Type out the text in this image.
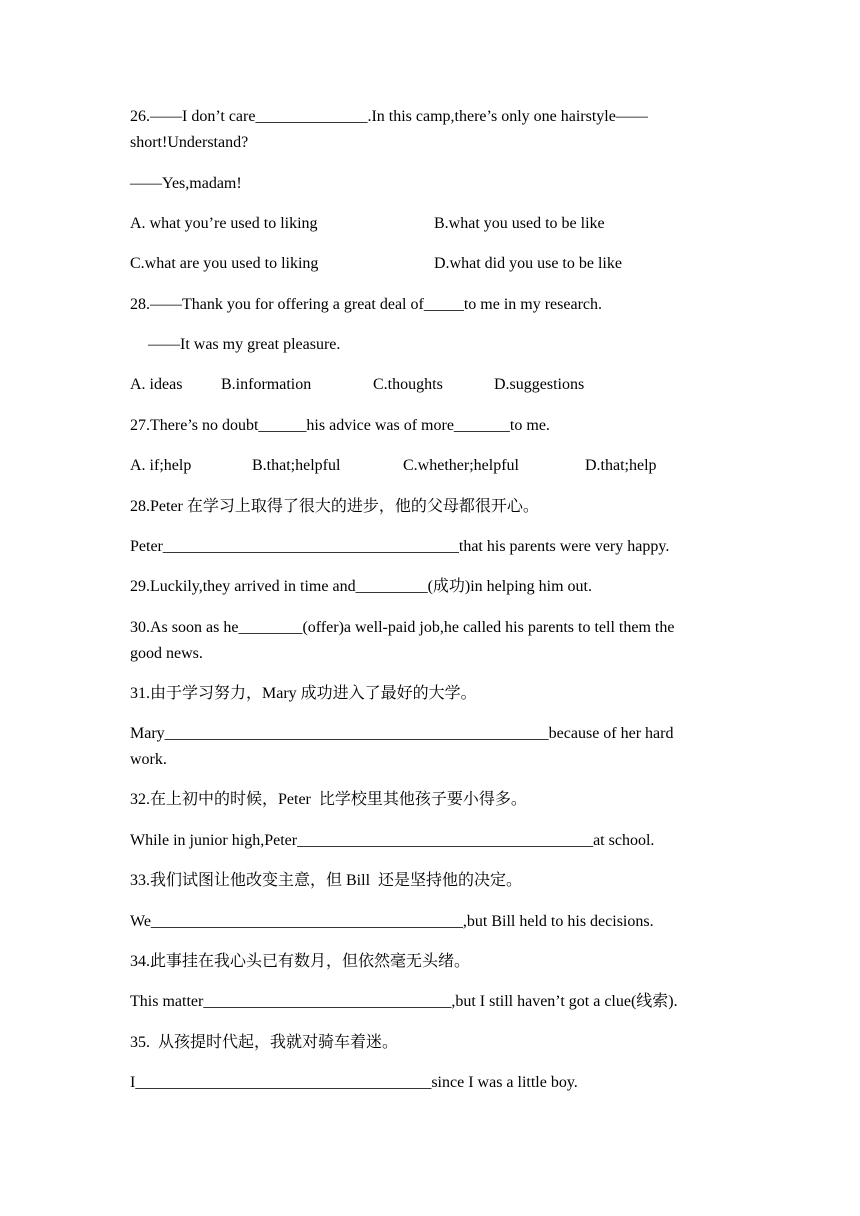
26.——I don’t care______________.In this camp,there’s only one hairstyle——
short!Understand?
——Yes,madam!
A. what you’re used to liking	B.what you used to be like
C.what are you used to liking	D.what did you use to be like
28.——Thank you for offering a great deal of_____to me in my research.
——It was my great pleasure.
A. ideas B.information	C.thoughts	D.suggestions
27.There’s no doubt______his advice was of more_______to me.
A. if;help	B.that;helpful	C.whether;helpful	D.that;help
28.Peter 在学习上取得了很大的进步，他的父母都很开心。
Peter_____________________________________that his parents were very happy.
29.Luckily,they arrived in time and_________(成功)in helping him out.
30.As soon as he________(offer)a well-paid job,he called his parents to tell them the
good news.
31.由于学习努力，Mary 成功进入了最好的大学。
Mary________________________________________________because of her hard
work.
32.在上初中的时候，Peter  比学校里其他孩子要小得多。
While in junior high,Peter_____________________________________at school.
33.我们试图让他改变主意，但 Bill  还是坚持他的决定。
We_______________________________________,but Bill held to his decisions.
34.此事挂在我心头已有数月，但依然毫无头绪。
This matter_______________________________,but I still haven’t got a clue(线索).
35.  从孩提时代起，我就对骑车着迷。
I_____________________________________since I was a little boy.
